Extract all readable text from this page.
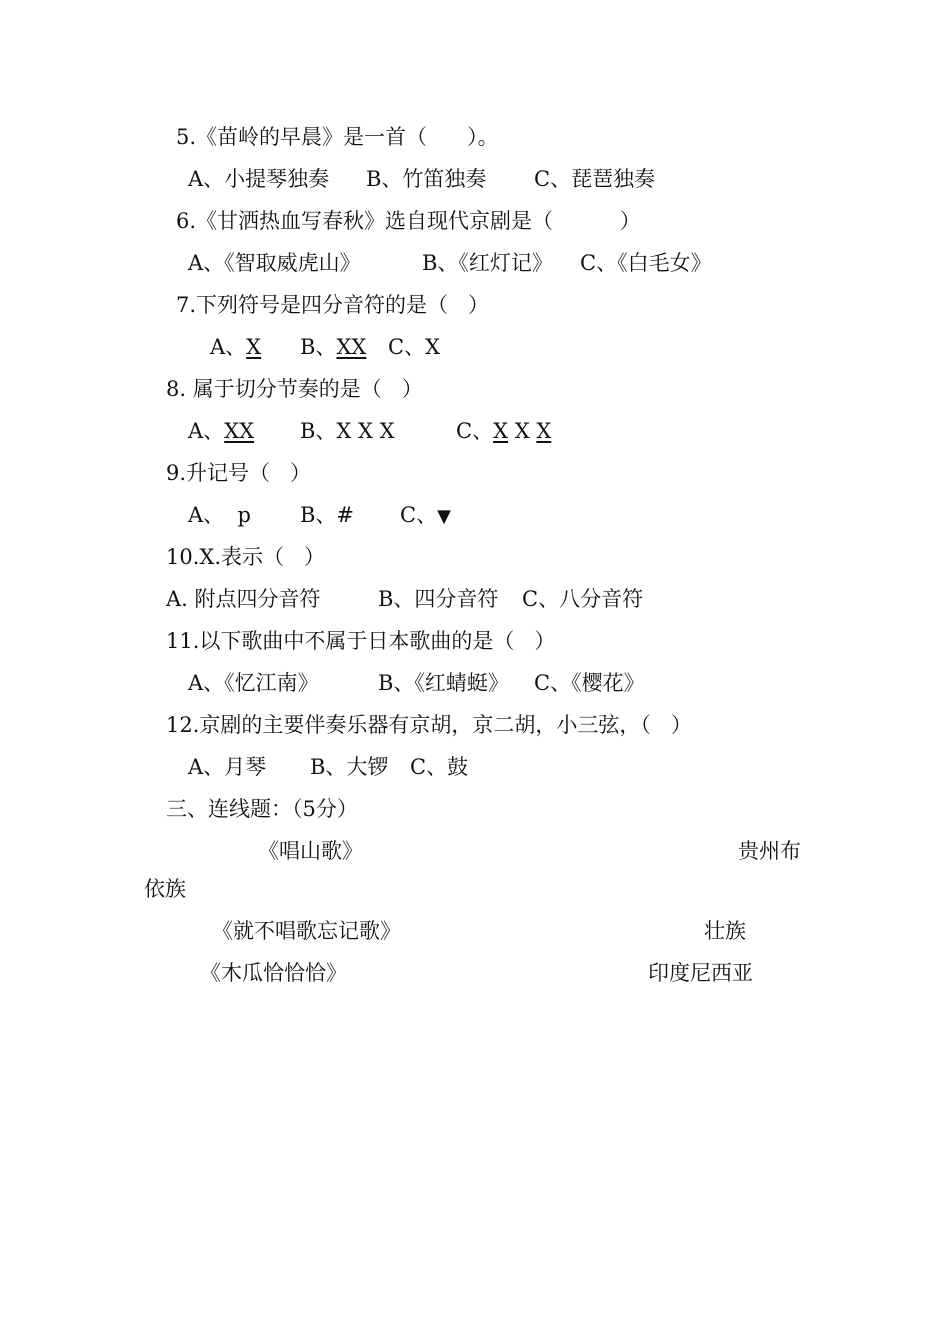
5.《苗岭的早晨》是一首（      ）。
A、小提琴独奏 B、竹笛独奏 C、琵琶独奏
6.《甘洒热血写春秋》选自现代京剧是（          ）
A、《智取威虎山》	B、《红灯记》 C、《白毛女》
7.下列符号是四分音符的是（   ）
A、X B、XX C、X
8. 属于切分节奏的是（   ）
A、XX B、X X X	C、X X X
9.升记号（   ）
A、  p B、# C、▼
10.X.表示（   ）
A. 附点四分音符	B、四分音符 C、八分音符
11.以下歌曲中不属于日本歌曲的是（   ）
A、《忆江南》	B、《红蜻蜓》 C、《樱花》
12.京剧的主要伴奏乐器有京胡，京二胡，小三弦，（   ）
A、月琴 B、大锣 C、鼓
三、连线题：（5分）
《唱山歌》	贵州布
依族
《就不唱歌忘记歌》	壮族
《木瓜恰恰恰》	印度尼西亚
